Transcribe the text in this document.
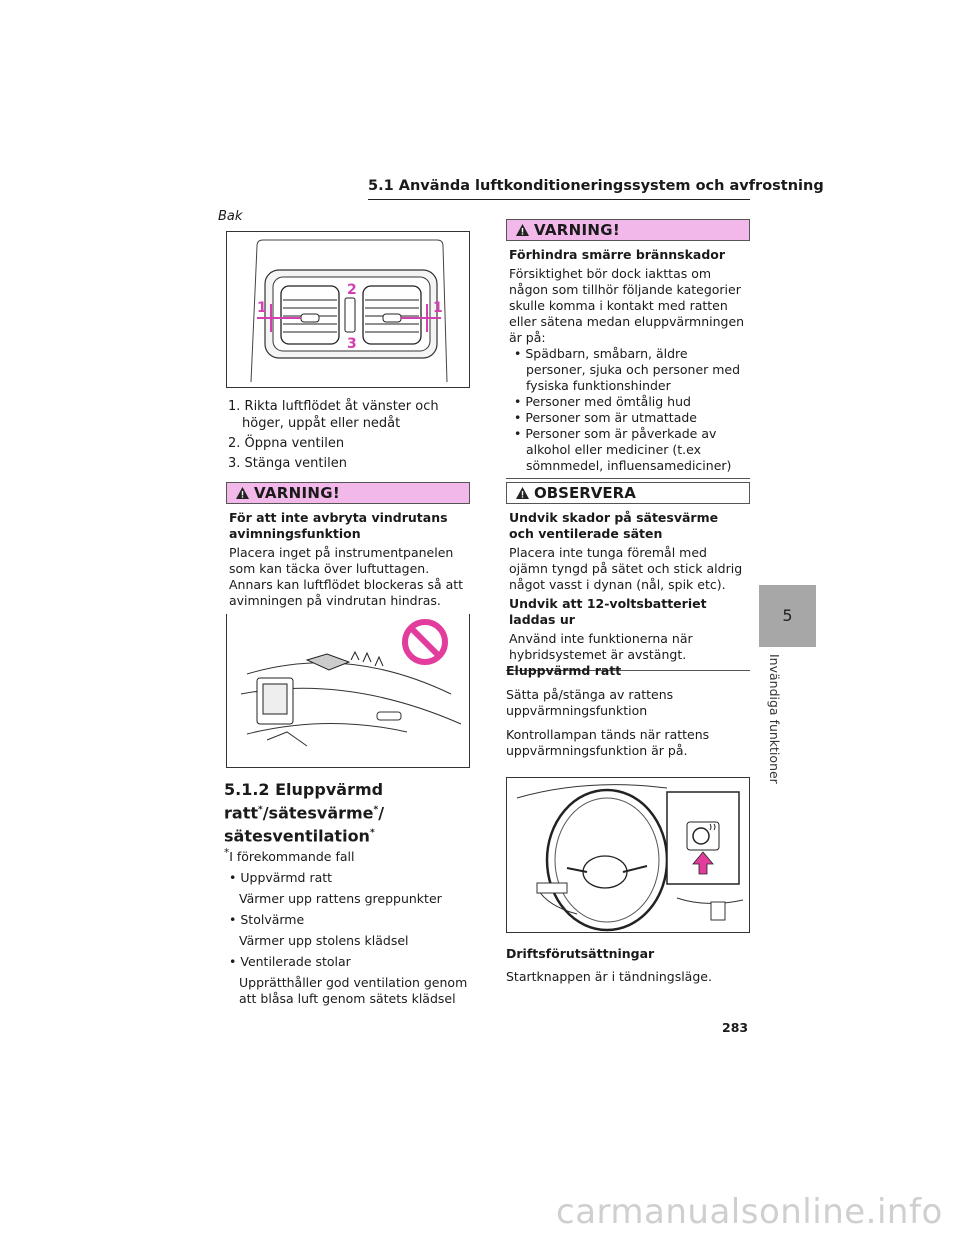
5.1 Använda luftkonditioneringssystem och avfrostning
Bak
1	1
2
3
1. Rikta luftflödet åt vänster och höger, uppåt eller nedåt
2. Öppna ventilen
3. Stänga ventilen
VARNING!

För att inte avbryta vindrutans avimningsfunktion

Placera inget på instrumentpanelen som kan täcka över luftuttagen. Annars kan luftflödet blockeras så att avimningen på vindrutan hindras.

5.1.2 Eluppvärmd
ratt*/sätesvärme*/
sätesventilation*

*I förekommande fall

• Uppvärmd ratt

Värmer upp rattens greppunkter

• Stolvärme

Värmer upp stolens klädsel

• Ventilerade stolar

Upprätthåller god ventilation genom att blåsa luft genom sätets klädsel

VARNING!

Förhindra smärre brännskador

Försiktighet bör dock iakttas om någon som tillhör följande kategorier skulle komma i kontakt med ratten eller sätena medan eluppvärmningen är på:

• Spädbarn, småbarn, äldre personer, sjuka och personer med fysiska funktionshinder
• Personer med ömtålig hud
• Personer som är utmattade
• Personer som är påverkade av alkohol eller mediciner (t.ex sömnmedel, influensamediciner)
OBSERVERA

Undvik skador på sätesvärme och ventilerade säten

Placera inte tunga föremål med ojämn tyngd på sätet och stick aldrig något vasst i dynan (nål, spik etc).

Undvik att 12-voltsbatteriet laddas ur

Använd inte funktionerna när hybridsystemet är avstängt.

Eluppvärmd ratt

Sätta på/stänga av rattens uppvärmningsfunktion

Kontrollampan tänds när rattens uppvärmningsfunktion är på.

Driftsförutsättningar

Startknappen är i tändningsläge.

5
Invändiga funktioner
283
carmanualsonline.info
